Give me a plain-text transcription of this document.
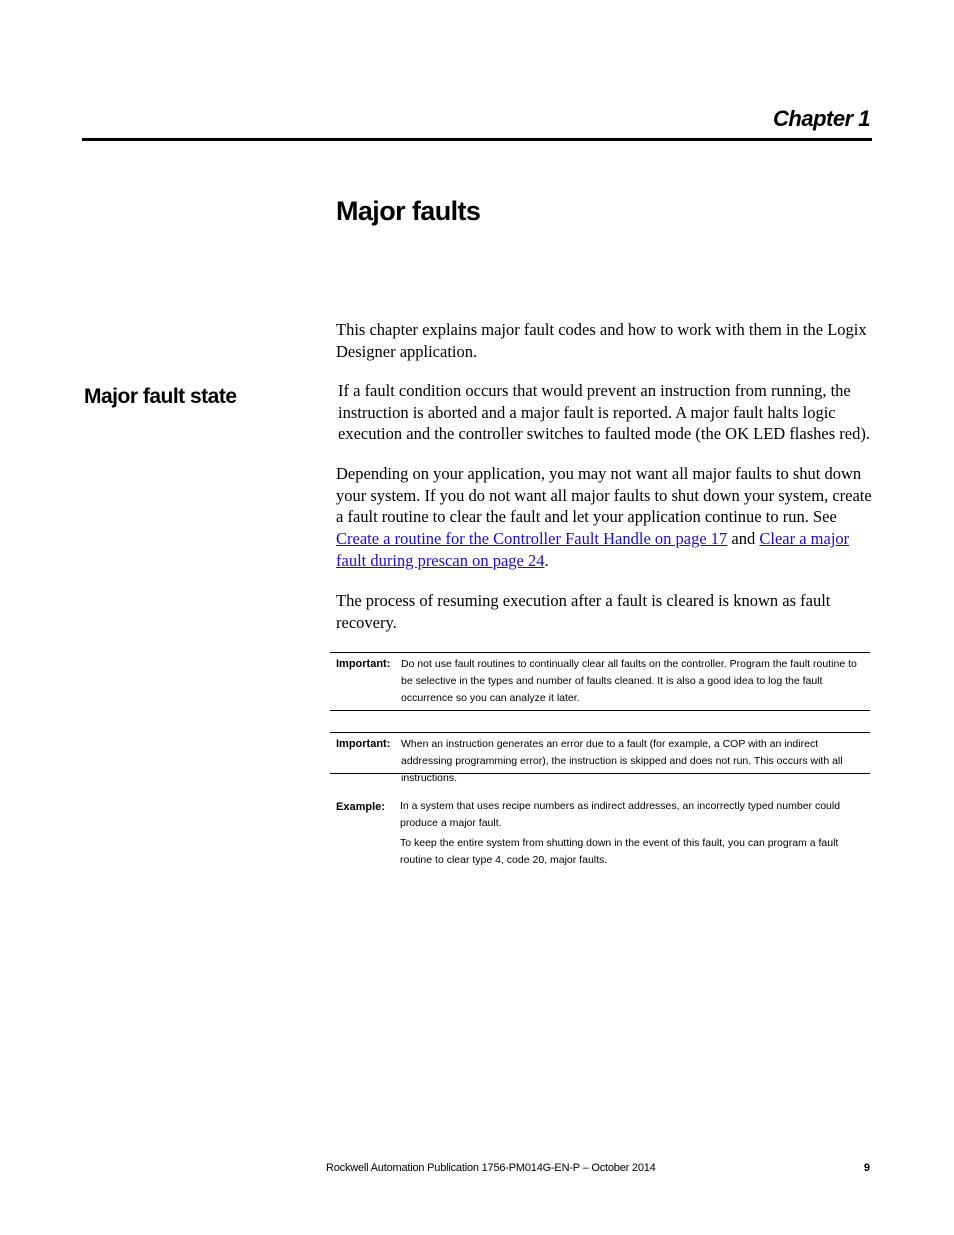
Chapter 1
Major faults

This chapter explains major fault codes and how to work with them in the Logix Designer application.

Major fault state	If a fault condition occurs that would prevent an instruction from running, the instruction is aborted and a major fault is reported. A major fault halts logic execution and the controller switches to faulted mode (the OK LED flashes red).

Depending on your application, you may not want all major faults to shut down your system. If you do not want all major faults to shut down your system, create a fault routine to clear the fault and let your application continue to run. See Create a routine for the Controller Fault Handle on page 17 and Clear a major fault during prescan on page 24.

The process of resuming execution after a fault is cleared is known as fault recovery.

Important: Do not use fault routines to continually clear all faults on the controller. Program the fault routine to be selective in the types and number of faults cleaned. It is also a good idea to log the fault occurrence so you can analyze it later.

Important: When an instruction generates an error due to a fault (for example, a COP with an indirect addressing programming error), the instruction is skipped and does not run. This occurs with all instructions.

Example: In a system that uses recipe numbers as indirect addresses, an incorrectly typed number could produce a major fault.

To keep the entire system from shutting down in the event of this fault, you can program a fault routine to clear type 4, code 20, major faults.

Rockwell Automation Publication 1756-PM014G-EN-P – October 2014	9
